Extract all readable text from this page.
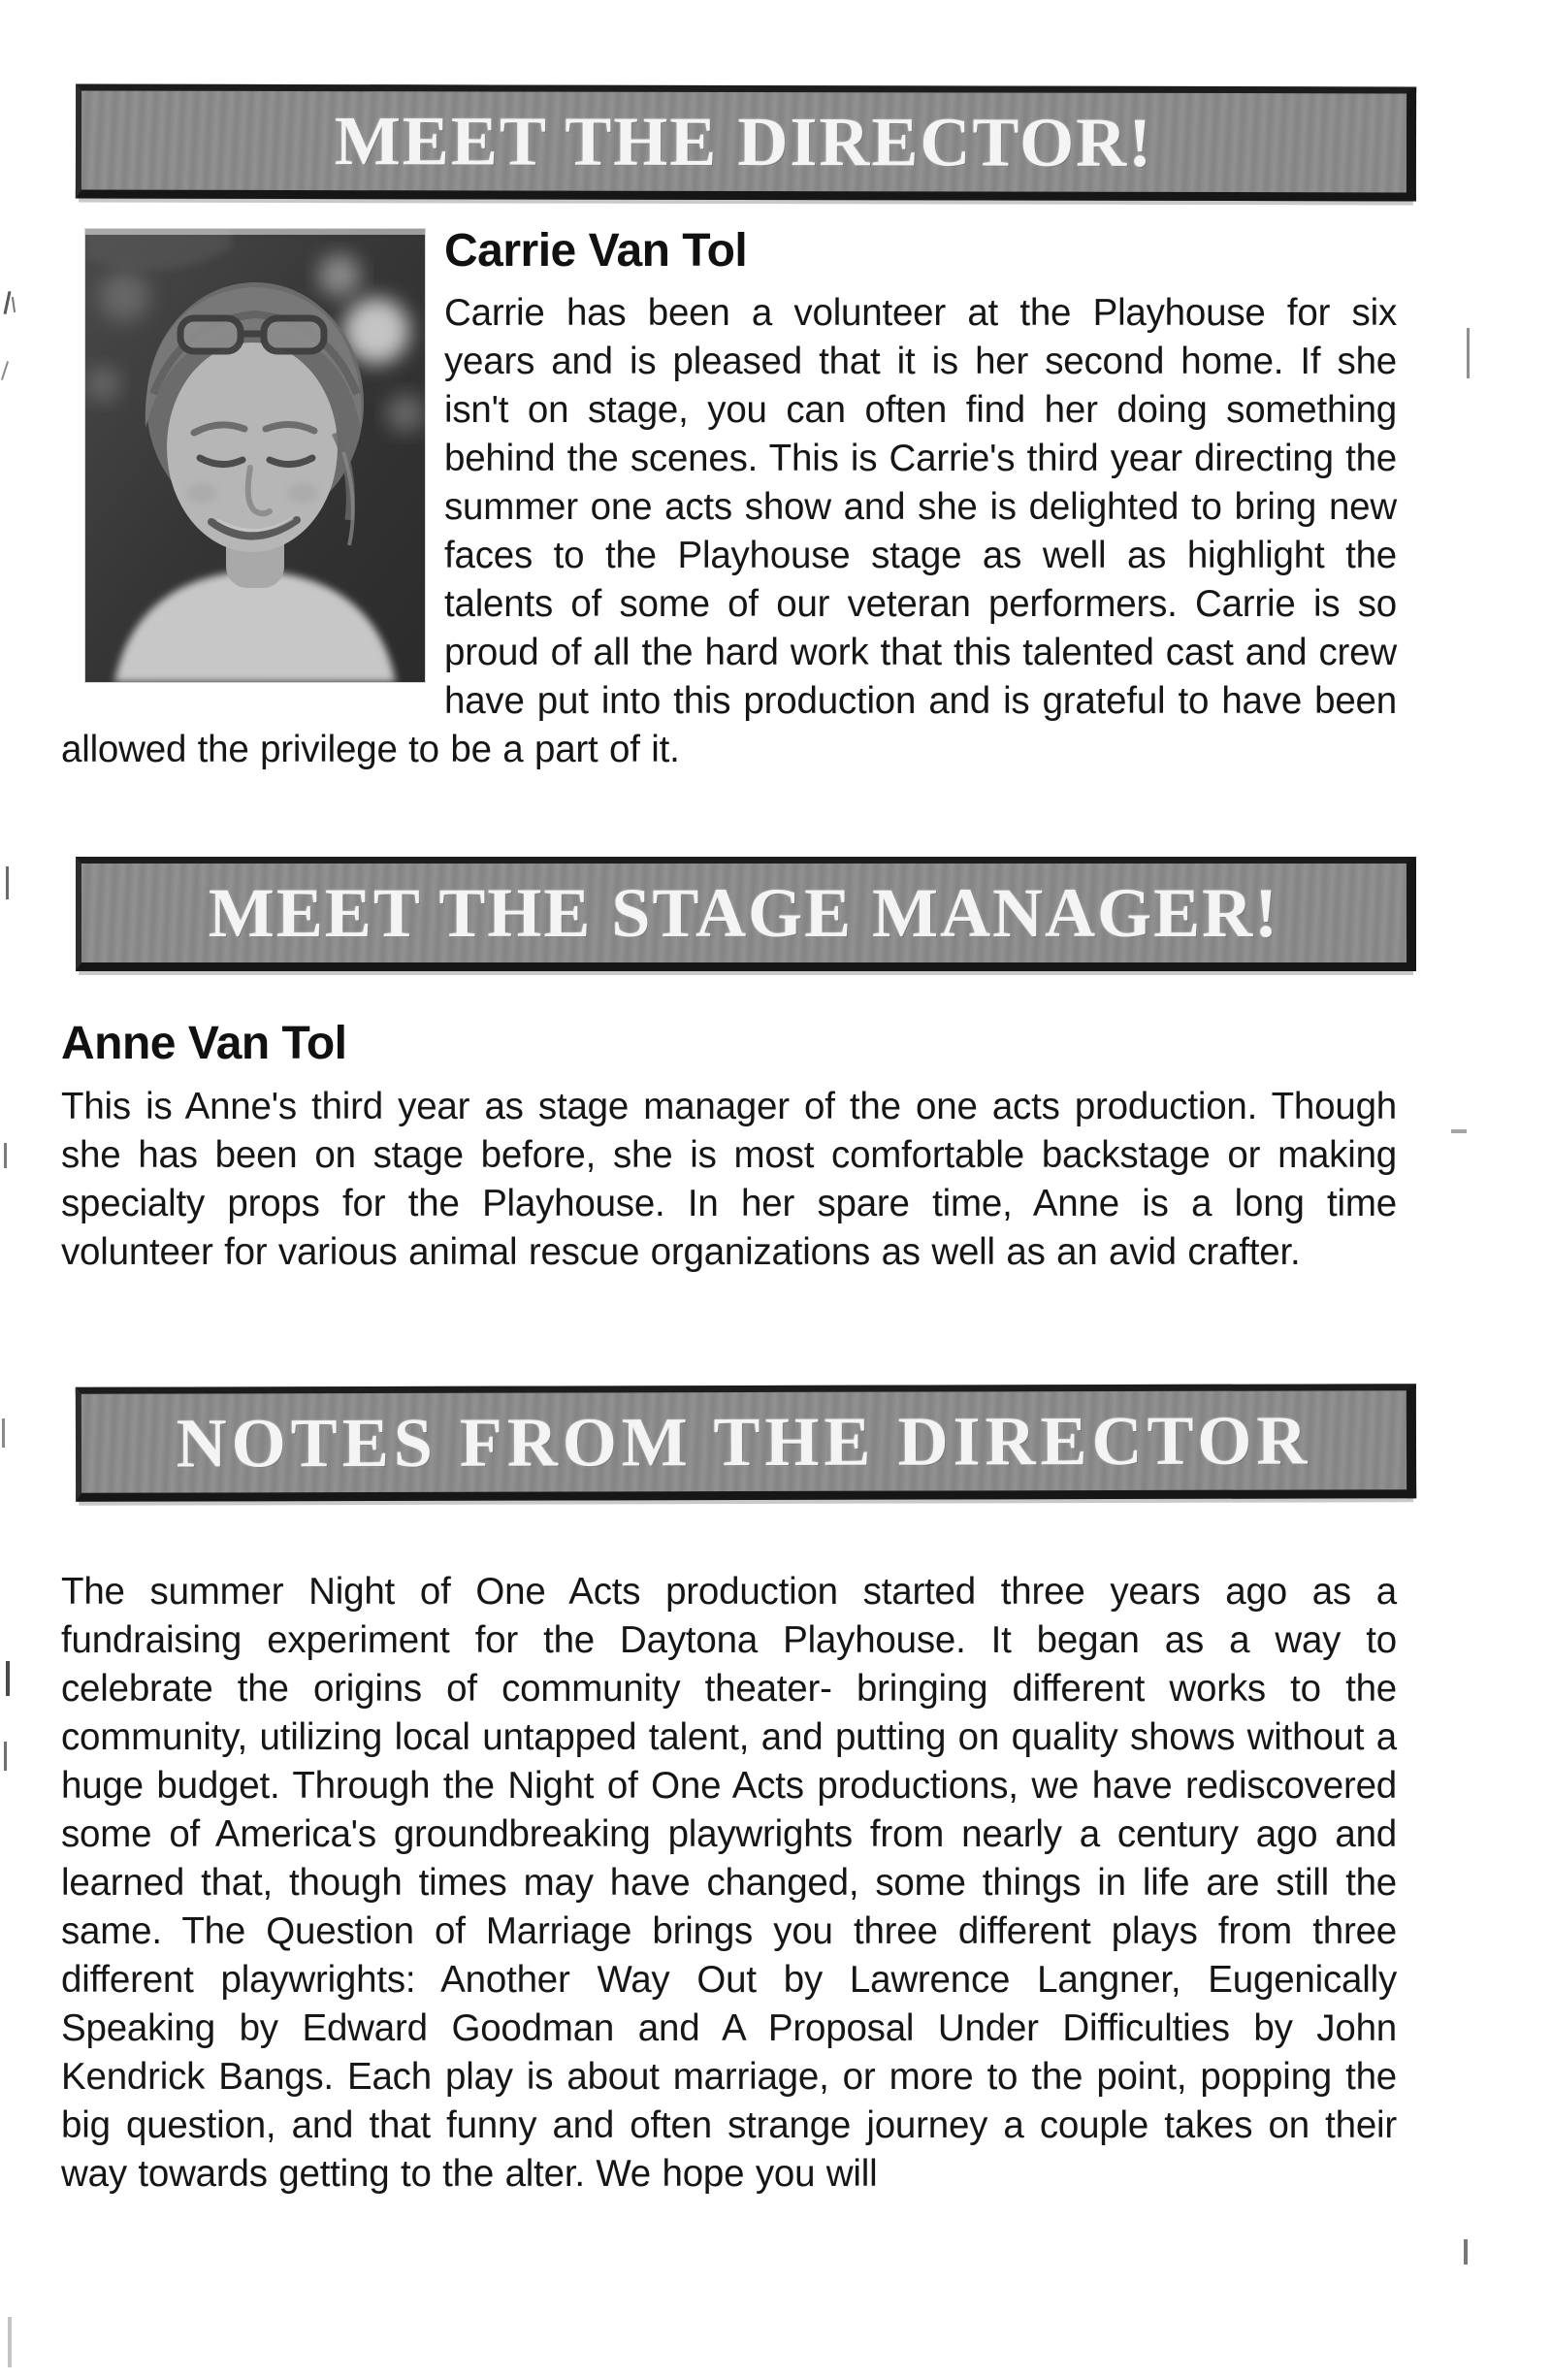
MEET THE DIRECTOR!
Carrie Van Tol
Carrie has been a volunteer at the Playhouse for six years and is pleased that it is her second home. If she isn't on stage, you can often find her doing something behind the scenes. This is Carrie's third year directing the summer one acts show and she is delighted to bring new faces to the Playhouse stage as well as highlight the talents of some of our veteran performers. Carrie is so proud of all the hard work that this talented cast and crew have put into this production and is grateful to have been allowed the privilege to be a part of it.
MEET THE STAGE MANAGER!
Anne Van Tol
This is Anne's third year as stage manager of the one acts production. Though she has been on stage before, she is most comfortable backstage or making specialty props for the Playhouse. In her spare time, Anne is a long time volunteer for various animal rescue organizations as well as an avid crafter.
NOTES FROM THE DIRECTOR
The summer Night of One Acts production started three years ago as a fundraising experiment for the Daytona Playhouse. It began as a way to celebrate the origins of community theater- bringing different works to the community, utilizing local untapped talent, and putting on quality shows without a huge budget. Through the Night of One Acts productions, we have rediscovered some of America's groundbreaking playwrights from nearly a century ago and learned that, though times may have changed, some things in life are still the same. The Question of Marriage brings you three different plays from three different playwrights: Another Way Out by Lawrence Langner, Eugenically Speaking by Edward Goodman and A Proposal Under Difficulties by John Kendrick Bangs. Each play is about marriage, or more to the point, popping the big question, and that funny and often strange journey a couple takes on their way towards getting to the alter. We hope you will
